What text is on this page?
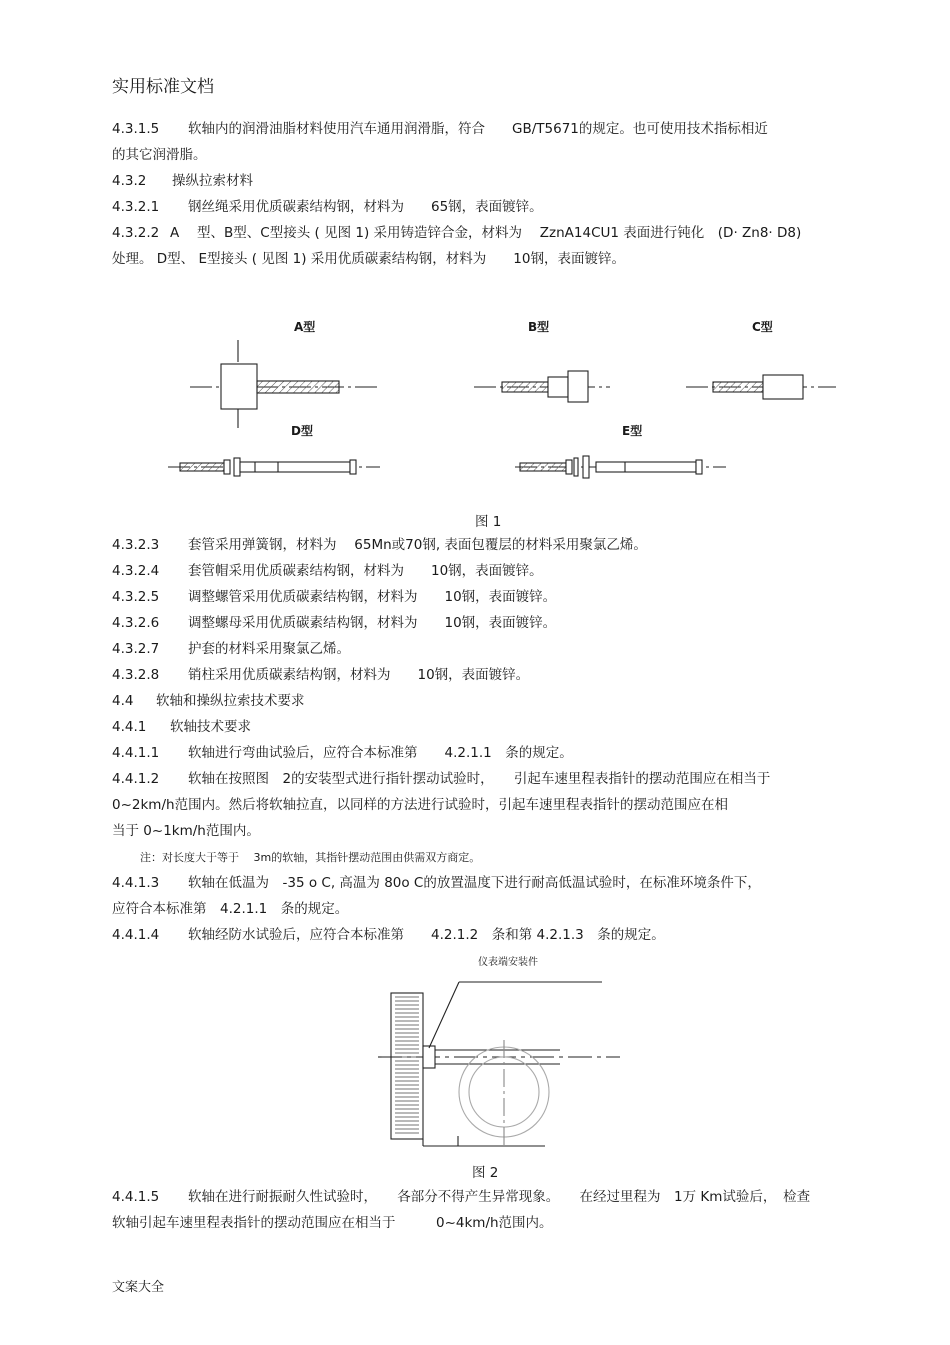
实用标准文档
4.3.1.5 软轴内的润滑油脂材料使用汽车通用润滑脂，符合　　GB/T5671的规定。也可使用技术指标相近
的其它润滑脂。
4.3.2 操纵拉索材料
4.3.2.1 钢丝绳采用优质碳素结构钢，材料为　　65钢，表面镀锌。
4.3.2.2 A　 型、B型、C型接头 ( 见图 1) 采用铸造锌合金，材料为　 ZznA14CU1 表面进行钝化　(D· Zn8· D8)
处理。 D型、 E型接头 ( 见图 1) 采用优质碳素结构钢，材料为　　10钢，表面镀锌。
A型	B型	C型
D型	E型
图 1
4.3.2.3 套管采用弹簧钢，材料为　 65Mn或70钢, 表面包覆层的材料采用聚氯乙烯。
4.3.2.4 套管帽采用优质碳素结构钢，材料为　　10钢，表面镀锌。
4.3.2.5 调整螺管采用优质碳素结构钢，材料为　　10钢，表面镀锌。
4.3.2.6 调整螺母采用优质碳素结构钢，材料为　　10钢，表面镀锌。
4.3.2.7 护套的材料采用聚氯乙烯。
4.3.2.8 销柱采用优质碳素结构钢，材料为　　10钢，表面镀锌。
4.4 软轴和操纵拉索技术要求
4.4.1 软轴技术要求
4.4.1.1 软轴进行弯曲试验后，应符合本标准第　　4.2.1.1　条的规定。
4.4.1.2 软轴在按照图　2的安装型式进行指针摆动试验时，　　引起车速里程表指针的摆动范围应在相当于
0~2km/h范围内。然后将软轴拉直，以同样的方法进行试验时，引起车速里程表指针的摆动范围应在相
当于 0~1km/h范围内。
注：对长度大于等于　 3m的软轴，其指针摆动范围由供需双方商定。
4.4.1.3 软轴在低温为　-35 o C, 高温为 80o C的放置温度下进行耐高低温试验时，在标准环境条件下，
应符合本标准第　4.2.1.1　条的规定。
4.4.1.4 软轴经防水试验后，应符合本标准第　　4.2.1.2　条和第 4.2.1.3　条的规定。
仪表端安装件
图 2
4.4.1.5 软轴在进行耐振耐久性试验时，　　各部分不得产生异常现象。　　在经过里程为　1万 Km试验后，　检查
软轴引起车速里程表指针的摆动范围应在相当于　　　0~4km/h范围内。
文案大全
